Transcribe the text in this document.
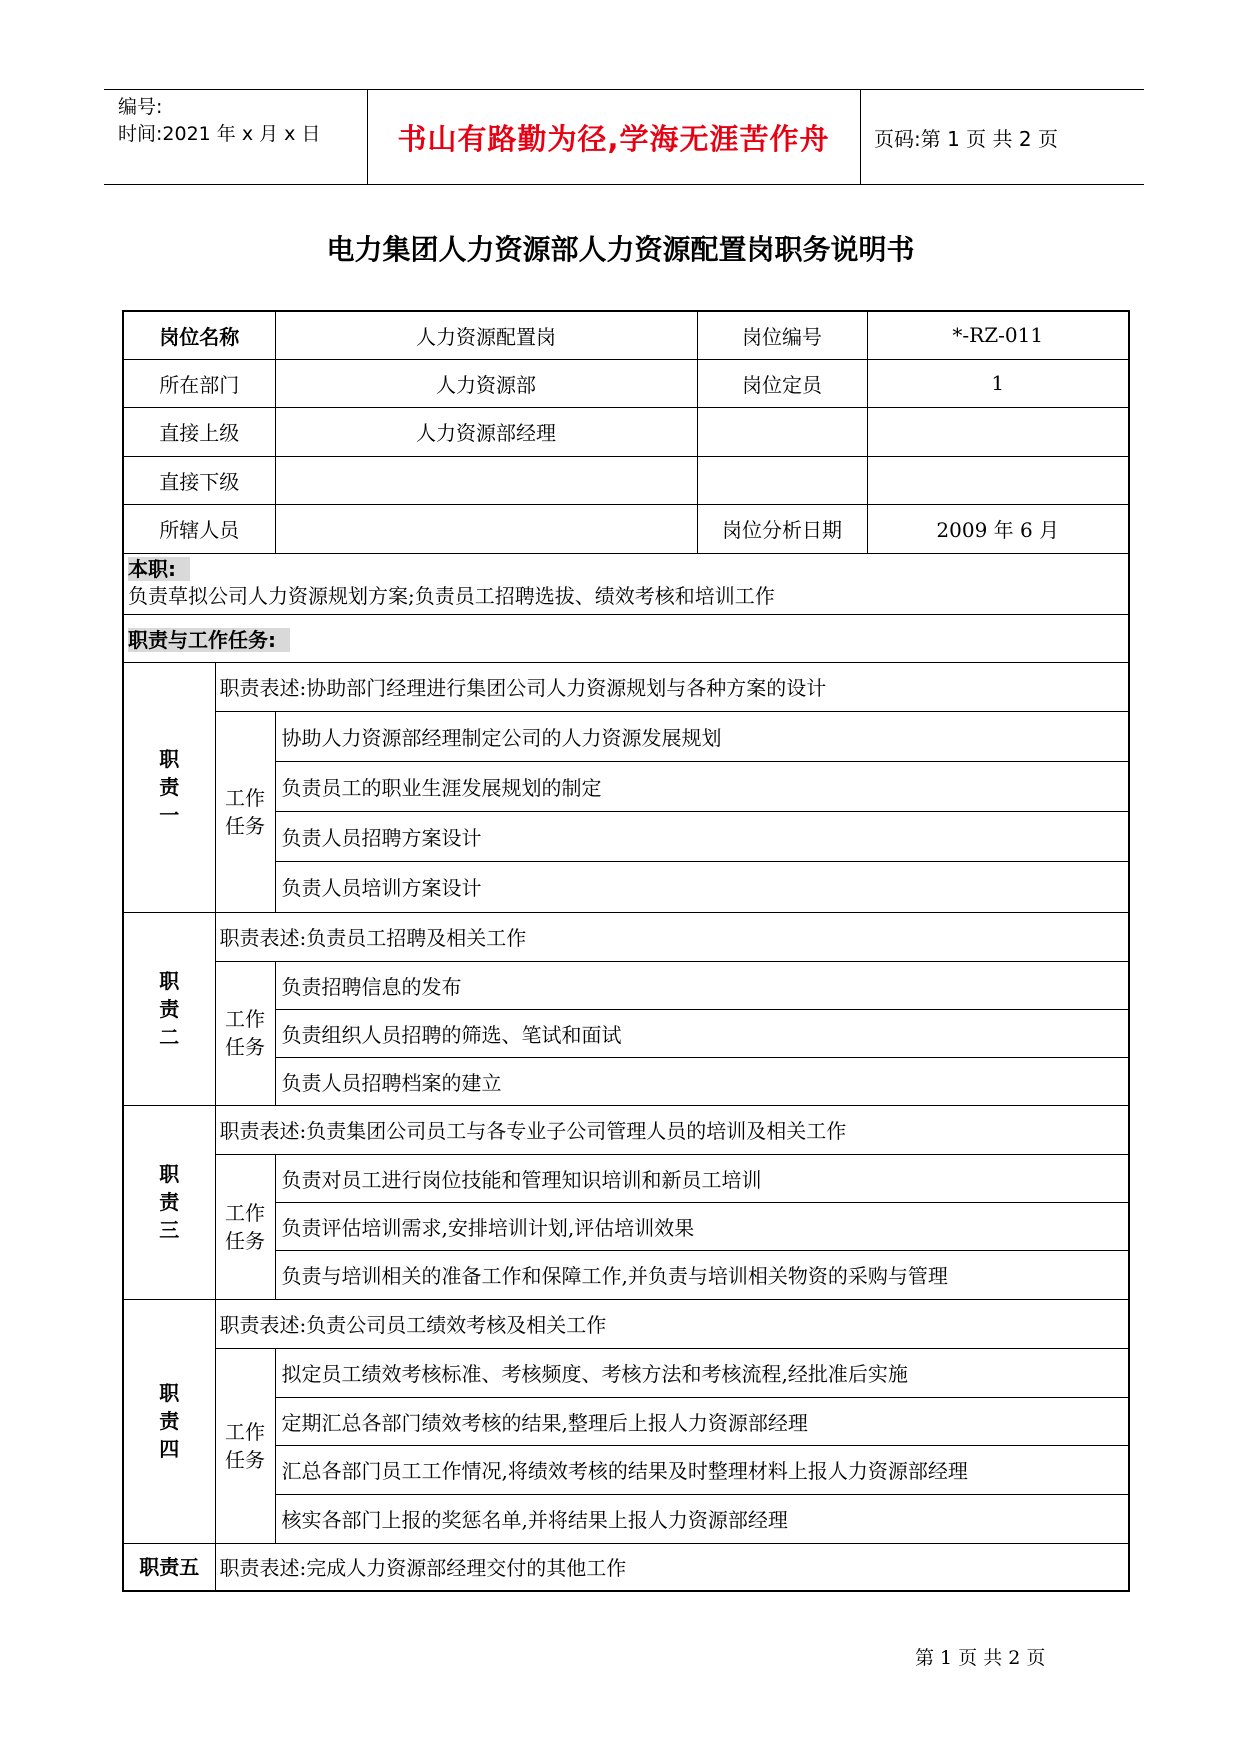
编号:
时间:2021 年 x 月 x 日	书山有路勤为径,学海无涯苦作舟	页码:第 1 页 共 2 页
电力集团人力资源部人力资源配置岗职务说明书
岗位名称		人力资源配置岗	岗位编号	*-RZ-011
所在部门		人力资源部	岗位定员	1
直接上级		人力资源部经理		
直接下级				
所辖人员			岗位分析日期	2009 年 6 月

本职:
负责草拟公司人力资源规划方案;负责员工招聘选拔、绩效考核和培训工作				

职责与工作任务:				

职
责
一	职责表述:协助部门经理进行集团公司人力资源规划与各种方案的设计			

	工作
任务	协助人力资源部经理制定公司的人力资源发展规划		
		负责员工的职业生涯发展规划的制定		
		负责人员招聘方案设计		
		负责人员培训方案设计		

职
责
二	职责表述:负责员工招聘及相关工作			

	工作
任务	负责招聘信息的发布		
		负责组织人员招聘的筛选、笔试和面试		
		负责人员招聘档案的建立		

职
责
三	职责表述:负责集团公司员工与各专业子公司管理人员的培训及相关工作			

	工作
任务	负责对员工进行岗位技能和管理知识培训和新员工培训		
		负责评估培训需求,安排培训计划,评估培训效果		
		负责与培训相关的准备工作和保障工作,并负责与培训相关物资的采购与管理		

职
责
四	职责表述:负责公司员工绩效考核及相关工作			

	工作
任务	拟定员工绩效考核标准、考核频度、考核方法和考核流程,经批准后实施		
		定期汇总各部门绩效考核的结果,整理后上报人力资源部经理		
		汇总各部门员工工作情况,将绩效考核的结果及时整理材料上报人力资源部经理		
		核实各部门上报的奖惩名单,并将结果上报人力资源部经理		
职责五	职责表述:完成人力资源部经理交付的其他工作			
第 1 页 共 2 页
